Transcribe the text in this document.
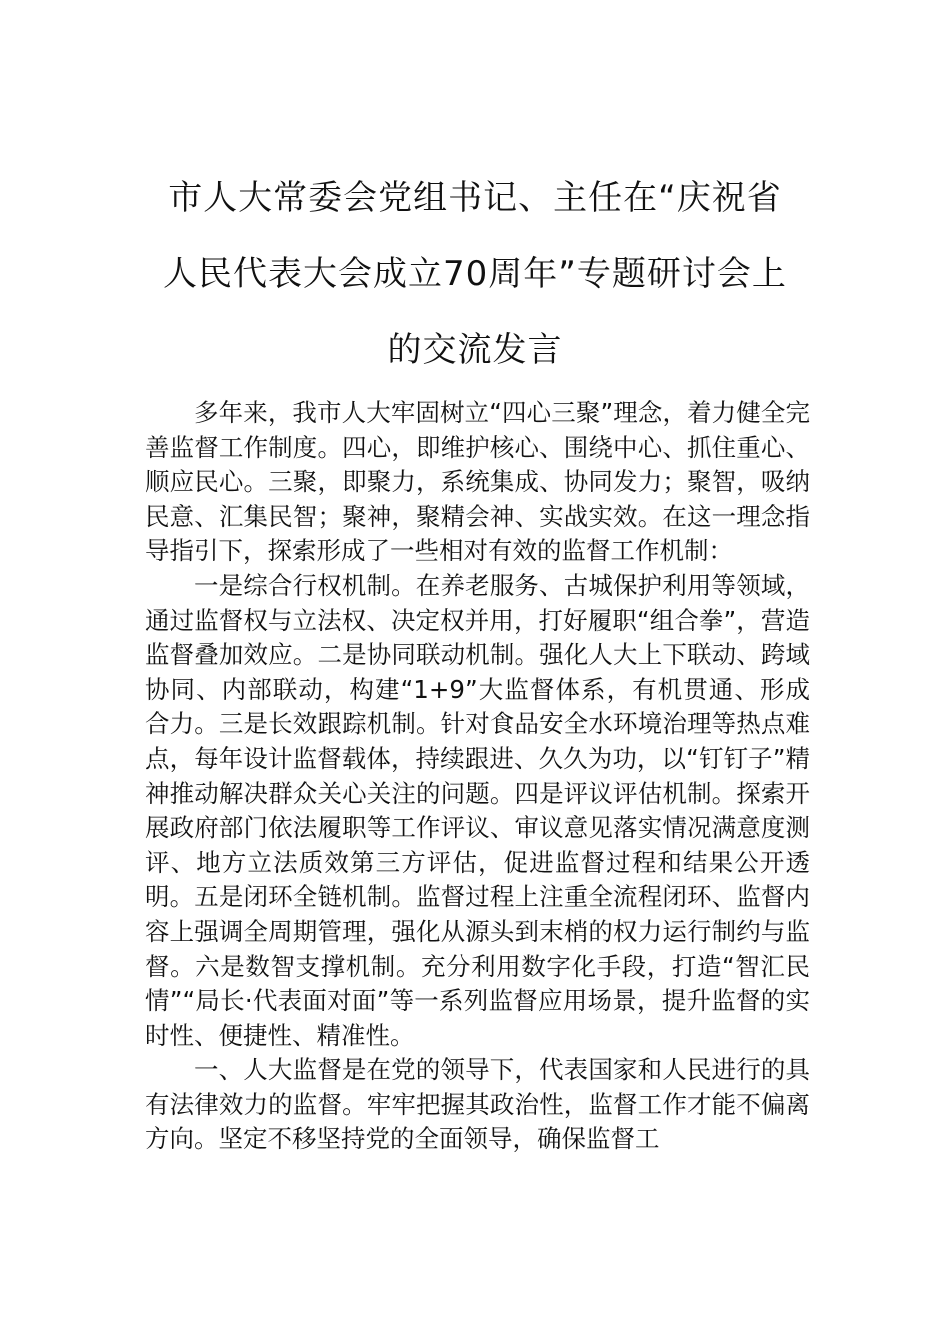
市人大常委会党组书记、主任在“庆祝省
人民代表大会成立70周年”专题研讨会上
的交流发言

多年来，我市人大牢固树立“四心三聚”理念，着力健全完善监督工作制度。四心，即维护核心、围绕中心、抓住重心、顺应民心。三聚，即聚力，系统集成、协同发力；聚智，吸纳民意、汇集民智；聚神，聚精会神、实战实效。在这一理念指导指引下，探索形成了一些相对有效的监督工作机制：

一是综合行权机制。在养老服务、古城保护利用等领域，通过监督权与立法权、决定权并用，打好履职“组合拳”，营造监督叠加效应。二是协同联动机制。强化人大上下联动、跨域协同、内部联动，构建“1+9”大监督体系，有机贯通、形成合力。三是长效跟踪机制。针对食品安全水环境治理等热点难点，每年设计监督载体，持续跟进、久久为功，以“钉钉子”精神推动解决群众关心关注的问题。四是评议评估机制。探索开展政府部门依法履职等工作评议、审议意见落实情况满意度测评、地方立法质效第三方评估，促进监督过程和结果公开透明。五是闭环全链机制。监督过程上注重全流程闭环、监督内容上强调全周期管理，强化从源头到末梢的权力运行制约与监督。六是数智支撑机制。充分利用数字化手段，打造“智汇民情”“局长·代表面对面”等一系列监督应用场景，提升监督的实时性、便捷性、精准性。

一、人大监督是在党的领导下，代表国家和人民进行的具有法律效力的监督。牢牢把握其政治性，监督工作才能不偏离方向。坚定不移坚持党的全面领导，确保监督工
